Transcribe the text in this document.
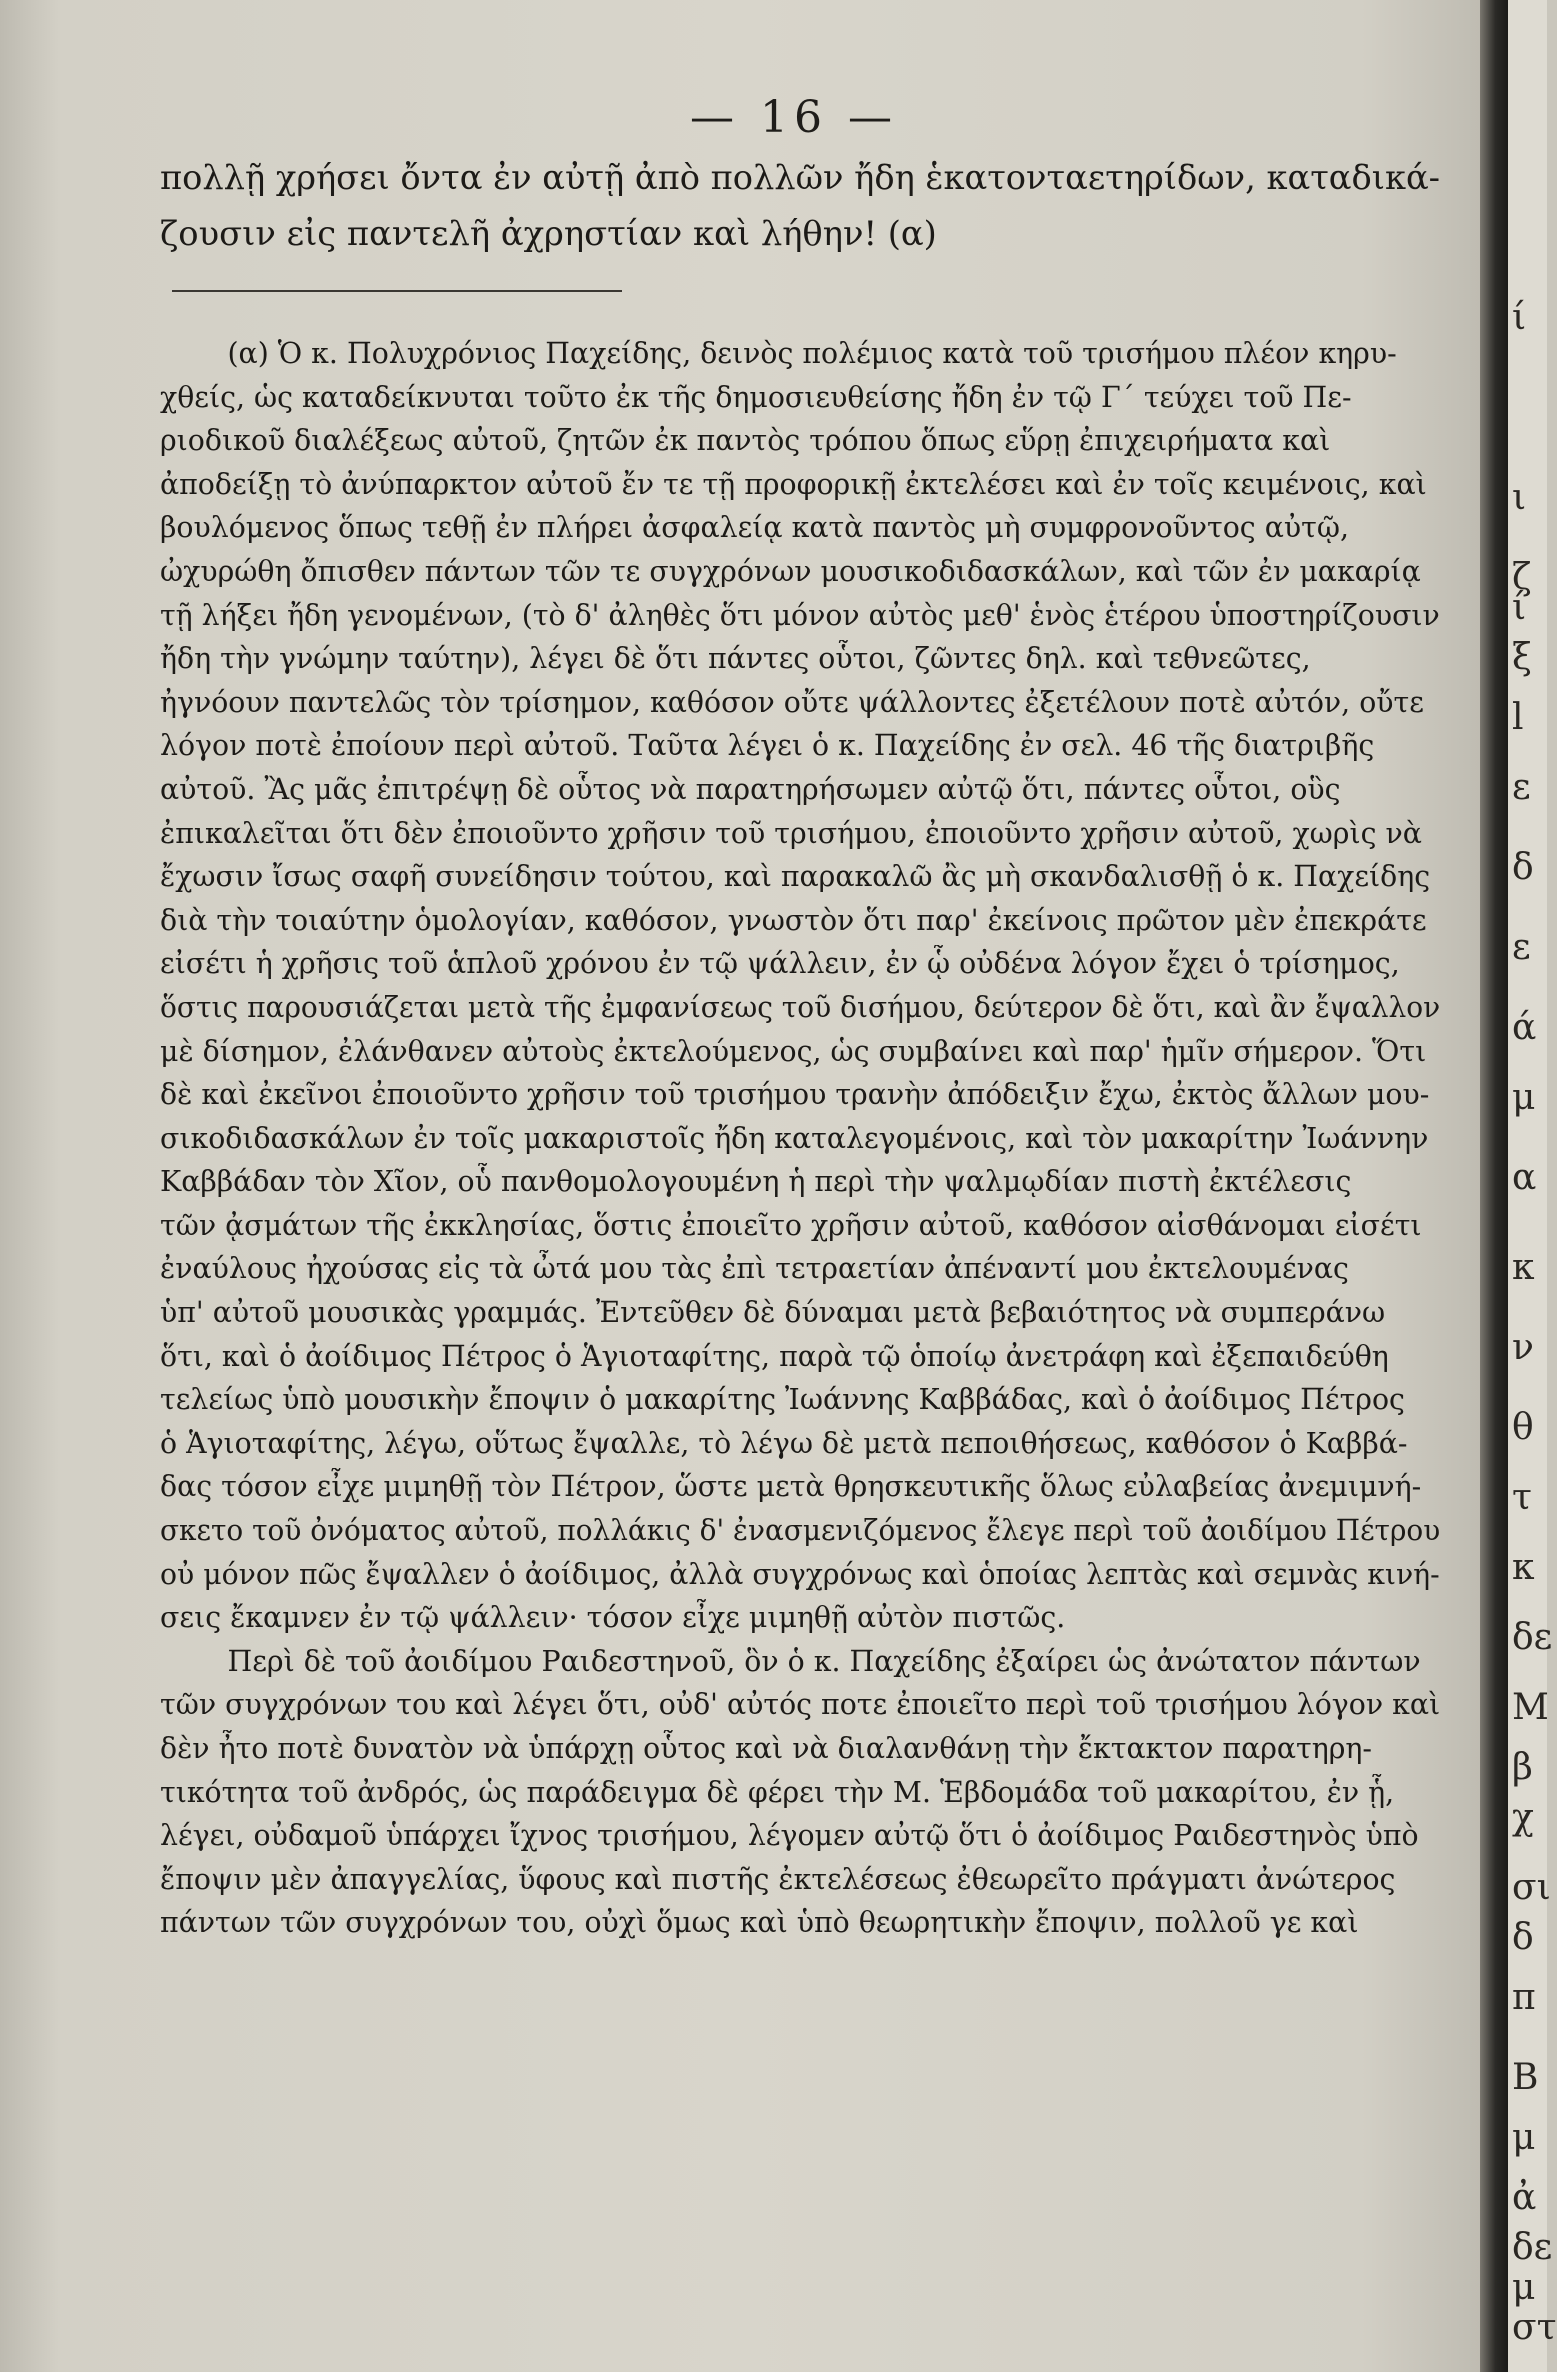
— 16 —
πολλῇ χρήσει ὄντα ἐν αὐτῇ ἀπὸ πολλῶν ἤδη ἑκατονταετηρίδων, καταδικά-
ζουσιν εἰς παντελῆ ἀχρηστίαν καὶ λήθην! (α)
(α) Ὁ κ. Πολυχρόνιος Παχείδης, δεινὸς πολέμιος κατὰ τοῦ τρισήμου πλέον κηρυ-
χθείς, ὡς καταδείκνυται τοῦτο ἐκ τῆς δημοσιευθείσης ἤδη ἐν τῷ Γ´ τεύχει τοῦ Πε-
ριοδικοῦ διαλέξεως αὐτοῦ, ζητῶν ἐκ παντὸς τρόπου ὅπως εὕρῃ ἐπιχειρήματα καὶ
ἀποδείξῃ τὸ ἀνύπαρκτον αὐτοῦ ἔν τε τῇ προφορικῇ ἐκτελέσει καὶ ἐν τοῖς κειμένοις, καὶ
βουλόμενος ὅπως τεθῇ ἐν πλήρει ἀσφαλείᾳ κατὰ παντὸς μὴ συμφρονοῦντος αὐτῷ,
ὠχυρώθη ὄπισθεν πάντων τῶν τε συγχρόνων μουσικοδιδασκάλων, καὶ τῶν ἐν μακαρίᾳ
τῇ λήξει ἤδη γενομένων, (τὸ δ' ἀληθὲς ὅτι μόνον αὐτὸς μεθ' ἑνὸς ἑτέρου ὑποστηρίζουσιν
ἤδη τὴν γνώμην ταύτην), λέγει δὲ ὅτι πάντες οὗτοι, ζῶντες δηλ. καὶ τεθνεῶτες,
ἠγνόουν παντελῶς τὸν τρίσημον, καθόσον οὔτε ψάλλοντες ἐξετέλουν ποτὲ αὐτόν, οὔτε
λόγον ποτὲ ἐποίουν περὶ αὐτοῦ. Ταῦτα λέγει ὁ κ. Παχείδης ἐν σελ. 46 τῆς διατριβῆς
αὐτοῦ. Ἂς μᾶς ἐπιτρέψῃ δὲ οὗτος νὰ παρατηρήσωμεν αὐτῷ ὅτι, πάντες οὗτοι, οὓς
ἐπικαλεῖται ὅτι δὲν ἐποιοῦντο χρῆσιν τοῦ τρισήμου, ἐποιοῦντο χρῆσιν αὐτοῦ, χωρὶς νὰ
ἔχωσιν ἴσως σαφῆ συνείδησιν τούτου, καὶ παρακαλῶ ἂς μὴ σκανδαλισθῇ ὁ κ. Παχείδης
διὰ τὴν τοιαύτην ὁμολογίαν, καθόσον, γνωστὸν ὅτι παρ' ἐκείνοις πρῶτον μὲν ἐπεκράτε
εἰσέτι ἡ χρῆσις τοῦ ἁπλοῦ χρόνου ἐν τῷ ψάλλειν, ἐν ᾧ οὐδένα λόγον ἔχει ὁ τρίσημος,
ὅστις παρουσιάζεται μετὰ τῆς ἐμφανίσεως τοῦ δισήμου, δεύτερον δὲ ὅτι, καὶ ἂν ἔψαλλον
μὲ δίσημον, ἐλάνθανεν αὐτοὺς ἐκτελούμενος, ὡς συμβαίνει καὶ παρ' ἡμῖν σήμερον. Ὅτι
δὲ καὶ ἐκεῖνοι ἐποιοῦντο χρῆσιν τοῦ τρισήμου τρανὴν ἀπόδειξιν ἔχω, ἐκτὸς ἄλλων μου-
σικοδιδασκάλων ἐν τοῖς μακαριστοῖς ἤδη καταλεγομένοις, καὶ τὸν μακαρίτην Ἰωάννην
Καββάδαν τὸν Χῖον, οὗ πανθομολογουμένη ἡ περὶ τὴν ψαλμῳδίαν πιστὴ ἐκτέλεσις
τῶν ᾀσμάτων τῆς ἐκκλησίας, ὅστις ἐποιεῖτο χρῆσιν αὐτοῦ, καθόσον αἰσθάνομαι εἰσέτι
ἐναύλους ἠχούσας εἰς τὰ ὦτά μου τὰς ἐπὶ τετραετίαν ἀπέναντί μου ἐκτελουμένας
ὑπ' αὐτοῦ μουσικὰς γραμμάς. Ἐντεῦθεν δὲ δύναμαι μετὰ βεβαιότητος νὰ συμπεράνω
ὅτι, καὶ ὁ ἀοίδιμος Πέτρος ὁ Ἁγιοταφίτης, παρὰ τῷ ὁποίῳ ἀνετράφη καὶ ἐξεπαιδεύθη
τελείως ὑπὸ μουσικὴν ἔποψιν ὁ μακαρίτης Ἰωάννης Καββάδας, καὶ ὁ ἀοίδιμος Πέτρος
ὁ Ἁγιοταφίτης, λέγω, οὕτως ἔψαλλε, τὸ λέγω δὲ μετὰ πεποιθήσεως, καθόσον ὁ Καββά-
δας τόσον εἶχε μιμηθῇ τὸν Πέτρον, ὥστε μετὰ θρησκευτικῆς ὅλως εὐλαβείας ἀνεμιμνή-
σκετο τοῦ ὀνόματος αὐτοῦ, πολλάκις δ' ἐνασμενιζόμενος ἔλεγε περὶ τοῦ ἀοιδίμου Πέτρου
οὐ μόνον πῶς ἔψαλλεν ὁ ἀοίδιμος, ἀλλὰ συγχρόνως καὶ ὁποίας λεπτὰς καὶ σεμνὰς κινή-
σεις ἔκαμνεν ἐν τῷ ψάλλειν· τόσον εἶχε μιμηθῇ αὐτὸν πιστῶς.
Περὶ δὲ τοῦ ἀοιδίμου Ραιδεστηνοῦ, ὃν ὁ κ. Παχείδης ἐξαίρει ὡς ἀνώτατον πάντων
τῶν συγχρόνων του καὶ λέγει ὅτι, οὐδ' αὐτός ποτε ἐποιεῖτο περὶ τοῦ τρισήμου λόγον καὶ
δὲν ἦτο ποτὲ δυνατὸν νὰ ὑπάρχῃ οὗτος καὶ νὰ διαλανθάνῃ τὴν ἔκτακτον παρατηρη-
τικότητα τοῦ ἀνδρός, ὡς παράδειγμα δὲ φέρει τὴν Μ. Ἑβδομάδα τοῦ μακαρίτου, ἐν ᾗ,
λέγει, οὐδαμοῦ ὑπάρχει ἴχνος τρισήμου, λέγομεν αὐτῷ ὅτι ὁ ἀοίδιμος Ραιδεστηνὸς ὑπὸ
ἔποψιν μὲν ἀπαγγελίας, ὕφους καὶ πιστῆς ἐκτελέσεως ἐθεωρεῖτο πράγματι ἀνώτερος
πάντων τῶν συγχρόνων του, οὐχὶ ὅμως καὶ ὑπὸ θεωρητικὴν ἔποψιν, πολλοῦ γε καὶ
ί
ι
ζ
ί
ξ
l
ε
δ
ε
ά
μ
α
κ
ν
θ
τ
κ
δε
Μ
β
χ
σι
δ
π
Β
μ
ἀ
δε
μ
στ
